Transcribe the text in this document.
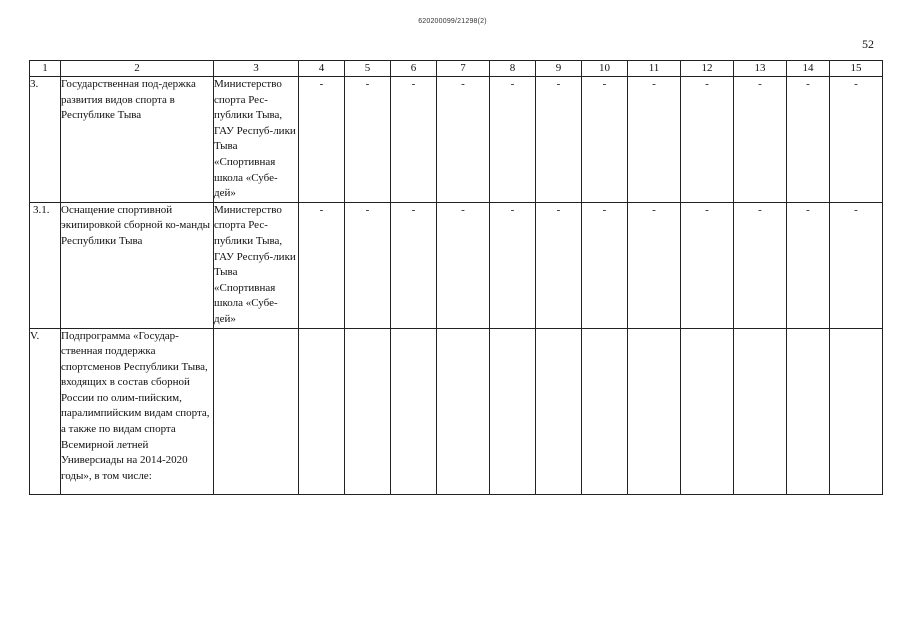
620200099/21298(2)
52
1	2	3	4	5	6	7	8	9	10	11	12	13	14	15
3.	Государственная под-держка развития видов спорта в Республике Тыва	Министерство спорта Рес-публики Тыва, ГАУ Респуб-лики Тыва «Спортивная школа «Субе-дей»	-	-	-	-	-	-	-	-	-	-	-	-
3.1.	Оснащение спортивной экипировкой сборной ко-манды Республики Тыва	Министерство спорта Рес-публики Тыва, ГАУ Респуб-лики Тыва «Спортивная школа «Субе-дей»	-	-	-	-	-	-	-	-	-	-	-	-
V.	Подпрограмма «Государ-ственная поддержка спортсменов Республики Тыва, входящих в состав сборной России по олим-пийским, паралимпийским видам спорта, а также по видам спорта Всемирной летней Универсиады на 2014-2020 годы», в том числе:													
